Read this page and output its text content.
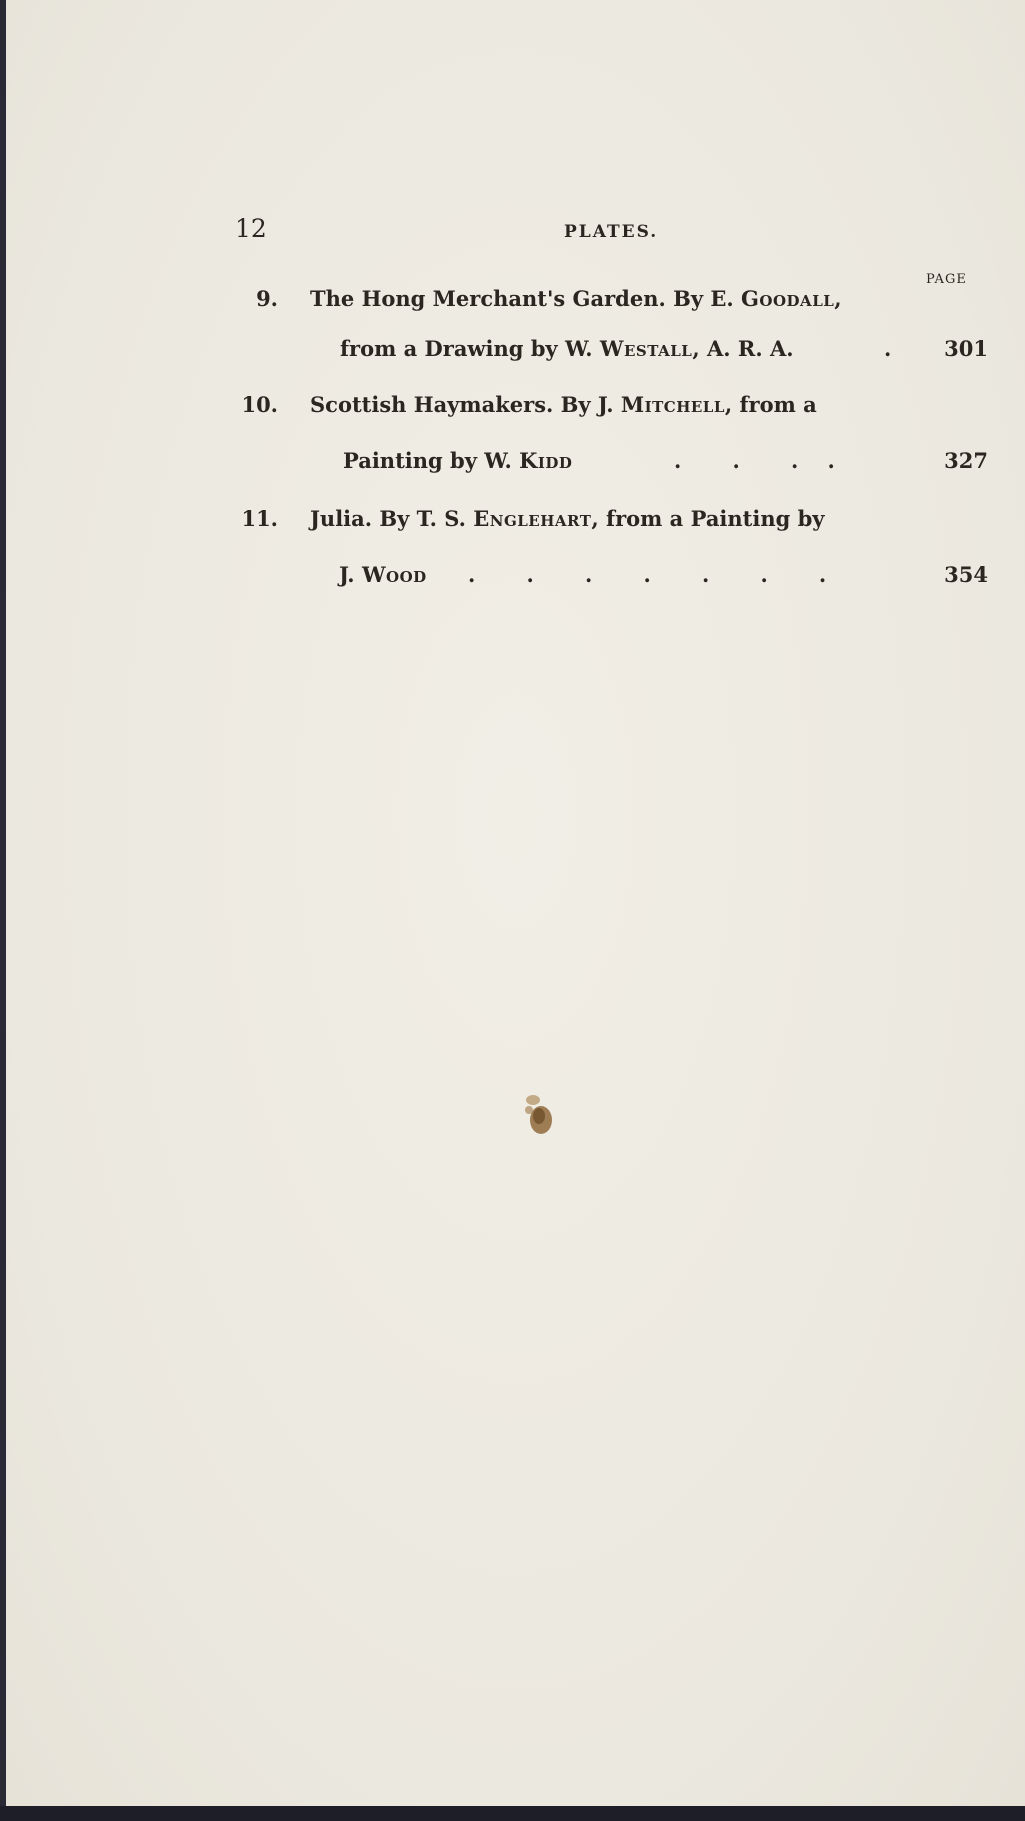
12	PLATES.
PAGE
9. The Hong Merchant's Garden. By E. Goodall,
from a Drawing by W. Westall, A. R. A.	.	301
10. Scottish Haymakers. By J. Mitchell, from a
Painting by W. Kidd	.       .       .    .	327
11. Julia. By T. S. Englehart, from a Painting by
J. Wood .       .       .       .       .       .       .	354
